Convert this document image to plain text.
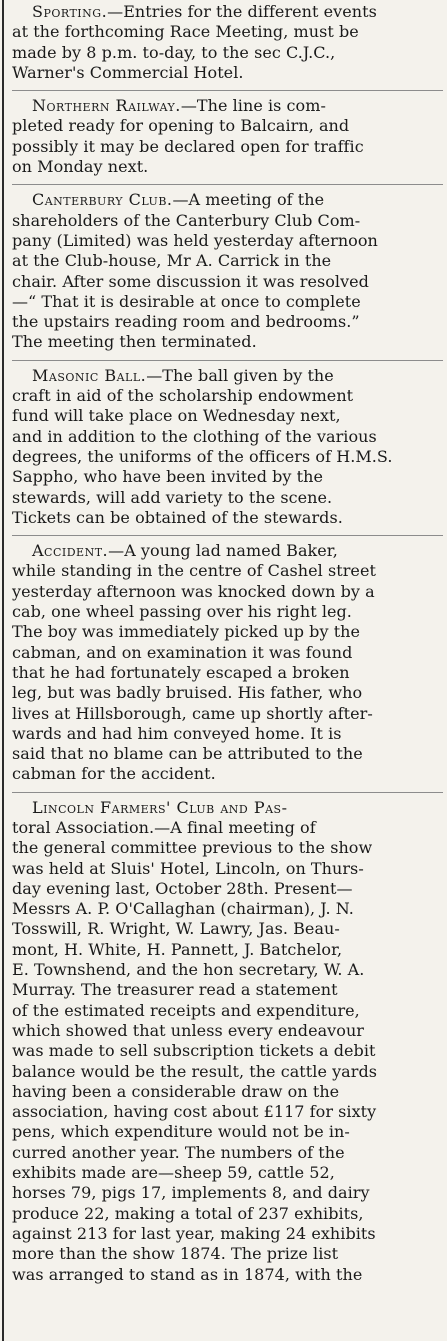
Sporting.—Entries for the different events
at the forthcoming Race Meeting, must be
made by 8 p.m. to-day, to the sec C.J.C.,
Warner's Commercial Hotel.
Northern Railway.—The line is com-
pleted ready for opening to Balcairn, and
possibly it may be declared open for traffic
on Monday next.
Canterbury Club.—A meeting of the
shareholders of the Canterbury Club Com-
pany (Limited) was held yesterday afternoon
at the Club-house, Mr A. Carrick in the
chair. After some discussion it was resolved
—“ That it is desirable at once to complete
the upstairs reading room and bedrooms.”
The meeting then terminated.
Masonic Ball.—The ball given by the
craft in aid of the scholarship endowment
fund will take place on Wednesday next,
and in addition to the clothing of the various
degrees, the uniforms of the officers of H.M.S.
Sappho, who have been invited by the
stewards, will add variety to the scene.
Tickets can be obtained of the stewards.
Accident.—A young lad named Baker,
while standing in the centre of Cashel street
yesterday afternoon was knocked down by a
cab, one wheel passing over his right leg.
The boy was immediately picked up by the
cabman, and on examination it was found
that he had fortunately escaped a broken
leg, but was badly bruised. His father, who
lives at Hillsborough, came up shortly after-
wards and had him conveyed home. It is
said that no blame can be attributed to the
cabman for the accident.
Lincoln Farmers' Club and Pas-
toral Association.—A final meeting of
the general committee previous to the show
was held at Sluis' Hotel, Lincoln, on Thurs-
day evening last, October 28th. Present—
Messrs A. P. O'Callaghan (chairman), J. N.
Tosswill, R. Wright, W. Lawry, Jas. Beau-
mont, H. White, H. Pannett, J. Batchelor,
E. Townshend, and the hon secretary, W. A.
Murray. The treasurer read a statement
of the estimated receipts and expenditure,
which showed that unless every endeavour
was made to sell subscription tickets a debit
balance would be the result, the cattle yards
having been a considerable draw on the
association, having cost about £117 for sixty
pens, which expenditure would not be in-
curred another year. The numbers of the
exhibits made are—sheep 59, cattle 52,
horses 79, pigs 17, implements 8, and dairy
produce 22, making a total of 237 exhibits,
against 213 for last year, making 24 exhibits
more than the show 1874. The prize list
was arranged to stand as in 1874, with the
